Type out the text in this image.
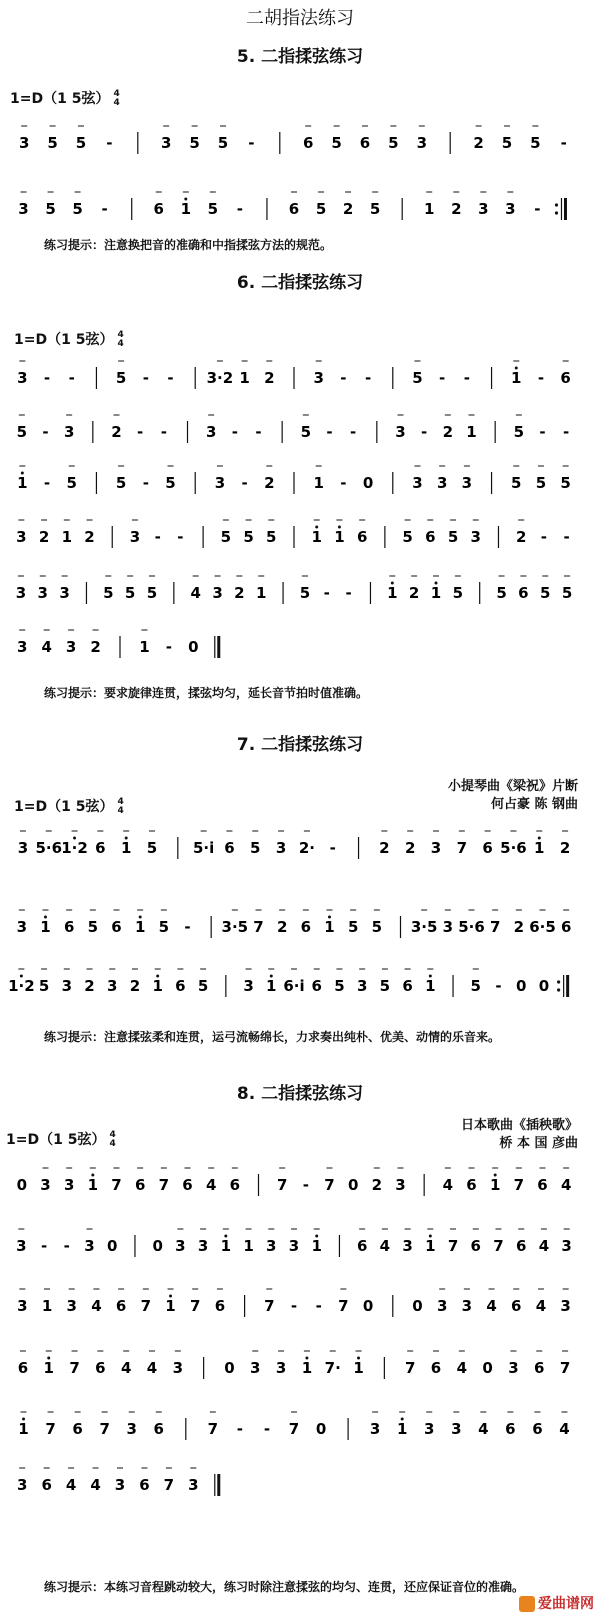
二胡指法练习
5. 二指揉弦练习
1=D（1 5弦） 4
4
练习提示：注意换把音的准确和中指揉弦方法的规范。
6. 二指揉弦练习
1=D（1 5弦） 4
4
练习提示：要求旋律连贯，揉弦均匀，延长音节拍时值准确。
7. 二指揉弦练习
1=D（1 5弦） 4
4
小提琴曲《梁祝》片断
何占豪 陈 钢曲
练习提示：注意揉弦柔和连贯，运弓流畅绵长，力求奏出纯朴、优美、动情的乐音来。
8. 二指揉弦练习
1=D（1 5弦） 4
4
日本歌曲《插秧歌》
桥 本 国 彦曲
练习提示：本练习音程跳动较大，练习时除注意揉弦的均匀、连贯，还应保证音位的准确。
3 5 5 -	3 5 5 -	6 5 6 5 3	2 5 5 -
3 5 5 -	6 1 5 -	6 5 2 5	1 2 3 3 -
3 - -	5 - - 3·2 1 2	3 - -	5 - -	1 - 6
5 - 3 2 - -	3 - -	5 - -	3 - 2 1 5 - -
1 - 5	5 - 5	3 - 2	1 - 0	3 3 3	5 5 5
3 2 1 2 3 - - 5 5 5 1 1 6 5 6 5 3 2 - -
3 3 3 5 5 5 4 3 2 1 5 - - 1 2 1 5 5 6 5 5
3 4 3 2	1 - 0
3 5·6 1·2 6 1 5 5·i 6 5 3 2· -	2 2 3 7 6 5·6 1 2
3 1 6 5 6 1 5 - 3·5 7 2 6 1 5 5 3·5 3 5·6 7 2 6·5 6
1·2 5 3 2 3 2 1 6 5 3 1 6·i 6 5 3 5 6 1 5 - 0 0
0 3 3 1 7 6 7 6 4 6 7 - 7 0 2 3 4 6 1 7 6 4
3 - - 3 0 0 3 3 1 1 3 3 1 6 4 3 1 7 6 7 6 4 3
3 1 3 4 6 7 1 7 6	7 - - 7 0	0 3 3 4 6 4 3
6 1 7 6 4 4 3	0 3 3 1 7· 1	7 6 4 0 3 6 7
1 7 6 7 3 6	7 - - 7 0	3 1 3 3 4 6 6 4
3 6 4 4 3 6 7 3
爱曲谱网
